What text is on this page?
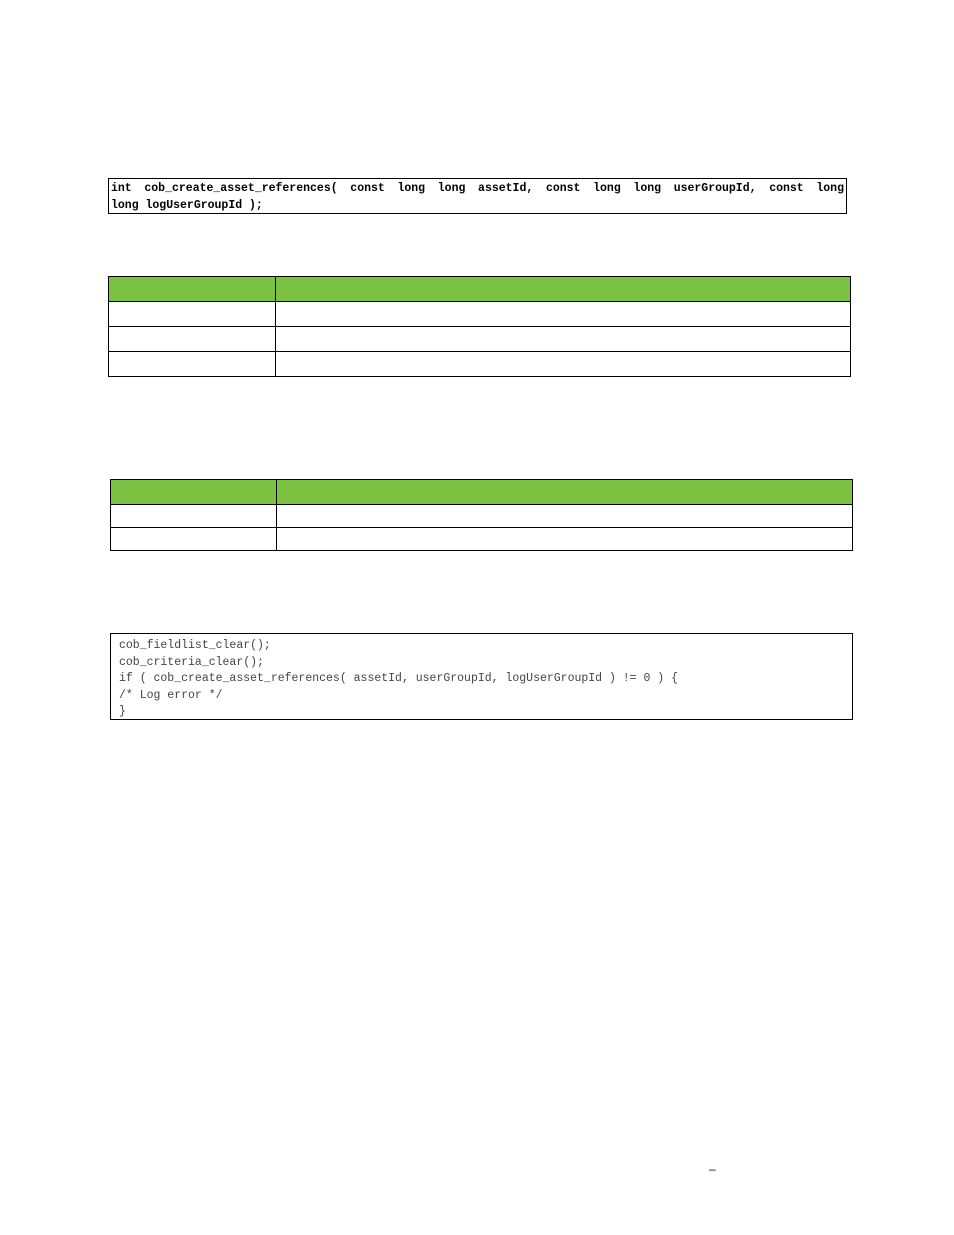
int cob_create_asset_references( const long long assetId, const long long userGroupId, const long
long logUserGroupId );

cob_fieldlist_clear();
cob_criteria_clear();
if ( cob_create_asset_references( assetId, userGroupId, logUserGroupId ) != 0 ) {
/* Log error */
}
–
